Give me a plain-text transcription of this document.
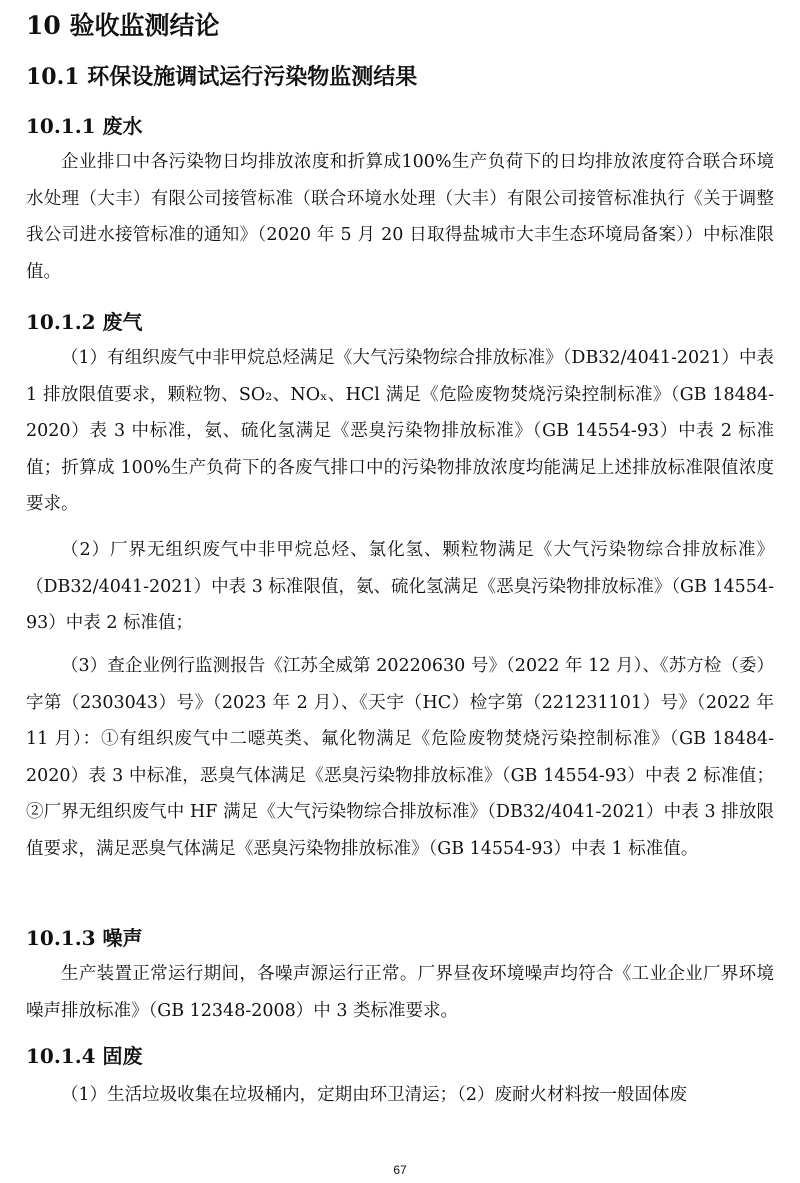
10 验收监测结论
10.1 环保设施调试运行污染物监测结果
10.1.1 废水
企业排口中各污染物日均排放浓度和折算成100%生产负荷下的日均排放浓度符合联合环境水处理（大丰）有限公司接管标准（联合环境水处理（大丰）有限公司接管标准执行《关于调整我公司进水接管标准的通知》（2020 年 5 月 20 日取得盐城市大丰生态环境局备案））中标准限值。
10.1.2 废气
（1）有组织废气中非甲烷总烃满足《大气污染物综合排放标准》（DB32/4041-2021）中表 1 排放限值要求，颗粒物、SO₂、NOₓ、HCl 满足《危险废物焚烧污染控制标准》（GB 18484-2020）表 3 中标准，氨、硫化氢满足《恶臭污染物排放标准》（GB 14554-93）中表 2 标准值；折算成 100%生产负荷下的各废气排口中的污染物排放浓度均能满足上述排放标准限值浓度要求。
（2）厂界无组织废气中非甲烷总烃、氯化氢、颗粒物满足《大气污染物综合排放标准》（DB32/4041-2021）中表 3 标准限值，氨、硫化氢满足《恶臭污染物排放标准》（GB 14554-93）中表 2 标准值；
（3）查企业例行监测报告《江苏全威第 20220630 号》（2022 年 12 月）、《苏方检（委）字第（2303043）号》（2023 年 2 月）、《天宇（HC）检字第（221231101）号》（2022 年 11 月）：①有组织废气中二噁英类、氟化物满足《危险废物焚烧污染控制标准》（GB 18484-2020）表 3 中标准，恶臭气体满足《恶臭污染物排放标准》（GB 14554-93）中表 2 标准值；②厂界无组织废气中 HF 满足《大气污染物综合排放标准》（DB32/4041-2021）中表 3 排放限值要求，满足恶臭气体满足《恶臭污染物排放标准》（GB 14554-93）中表 1 标准值。
10.1.3 噪声
生产装置正常运行期间，各噪声源运行正常。厂界昼夜环境噪声均符合《工业企业厂界环境噪声排放标准》（GB 12348-2008）中 3 类标准要求。
10.1.4 固废
（1）生活垃圾收集在垃圾桶内，定期由环卫清运；（2）废耐火材料按一般固体废
67
